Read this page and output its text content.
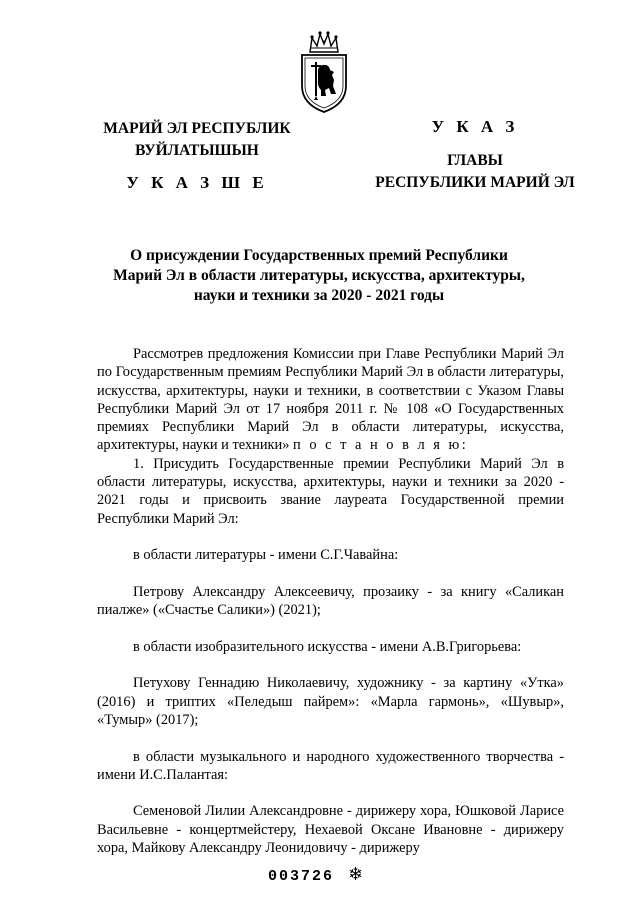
МАРИЙ ЭЛ РЕСПУБЛИК
ВУЙЛАТЫШЫН
У К А З Ш Е
У К А З
ГЛАВЫ
РЕСПУБЛИКИ МАРИЙ ЭЛ
О присуждении Государственных премий Республики
Марий Эл в области литературы, искусства, архитектуры,
науки и техники за 2020 - 2021 годы

Рассмотрев предложения Комиссии при Главе Республики Марий Эл по Государственным премиям Республики Марий Эл в области литературы, искусства, архитектуры, науки и техники, в соответствии с Указом Главы Республики Марий Эл от 17 ноября 2011 г. № 108 «О Государственных премиях Республики Марий Эл в области литературы, искусства, архитектуры, науки и техники» п о с т а н о в л я ю:

1. Присудить Государственные премии Республики Марий Эл в области литературы, искусства, архитектуры, науки и техники за 2020 - 2021 годы и присвоить звание лауреата Государственной премии Республики Марий Эл:

в области литературы - имени С.Г.Чавайна:

Петрову Александру Алексеевичу, прозаику - за книгу «Саликан пиалже» («Счастье Салики») (2021);

в области изобразительного искусства - имени А.В.Григорьева:

Петухову Геннадию Николаевичу, художнику - за картину «Утка» (2016) и триптих «Пеледыш пайрем»: «Марла гармонь», «Шувыр», «Тумыр» (2017);

в области музыкального и народного художественного творчества - имени И.С.Палантая:

Семеновой Лилии Александровне - дирижеру хора, Юшковой Ларисе Васильевне - концертмейстеру, Нехаевой Оксане Ивановне - дирижеру хора, Майкову Александру Леонидовичу - дирижеру

003726 ❄
